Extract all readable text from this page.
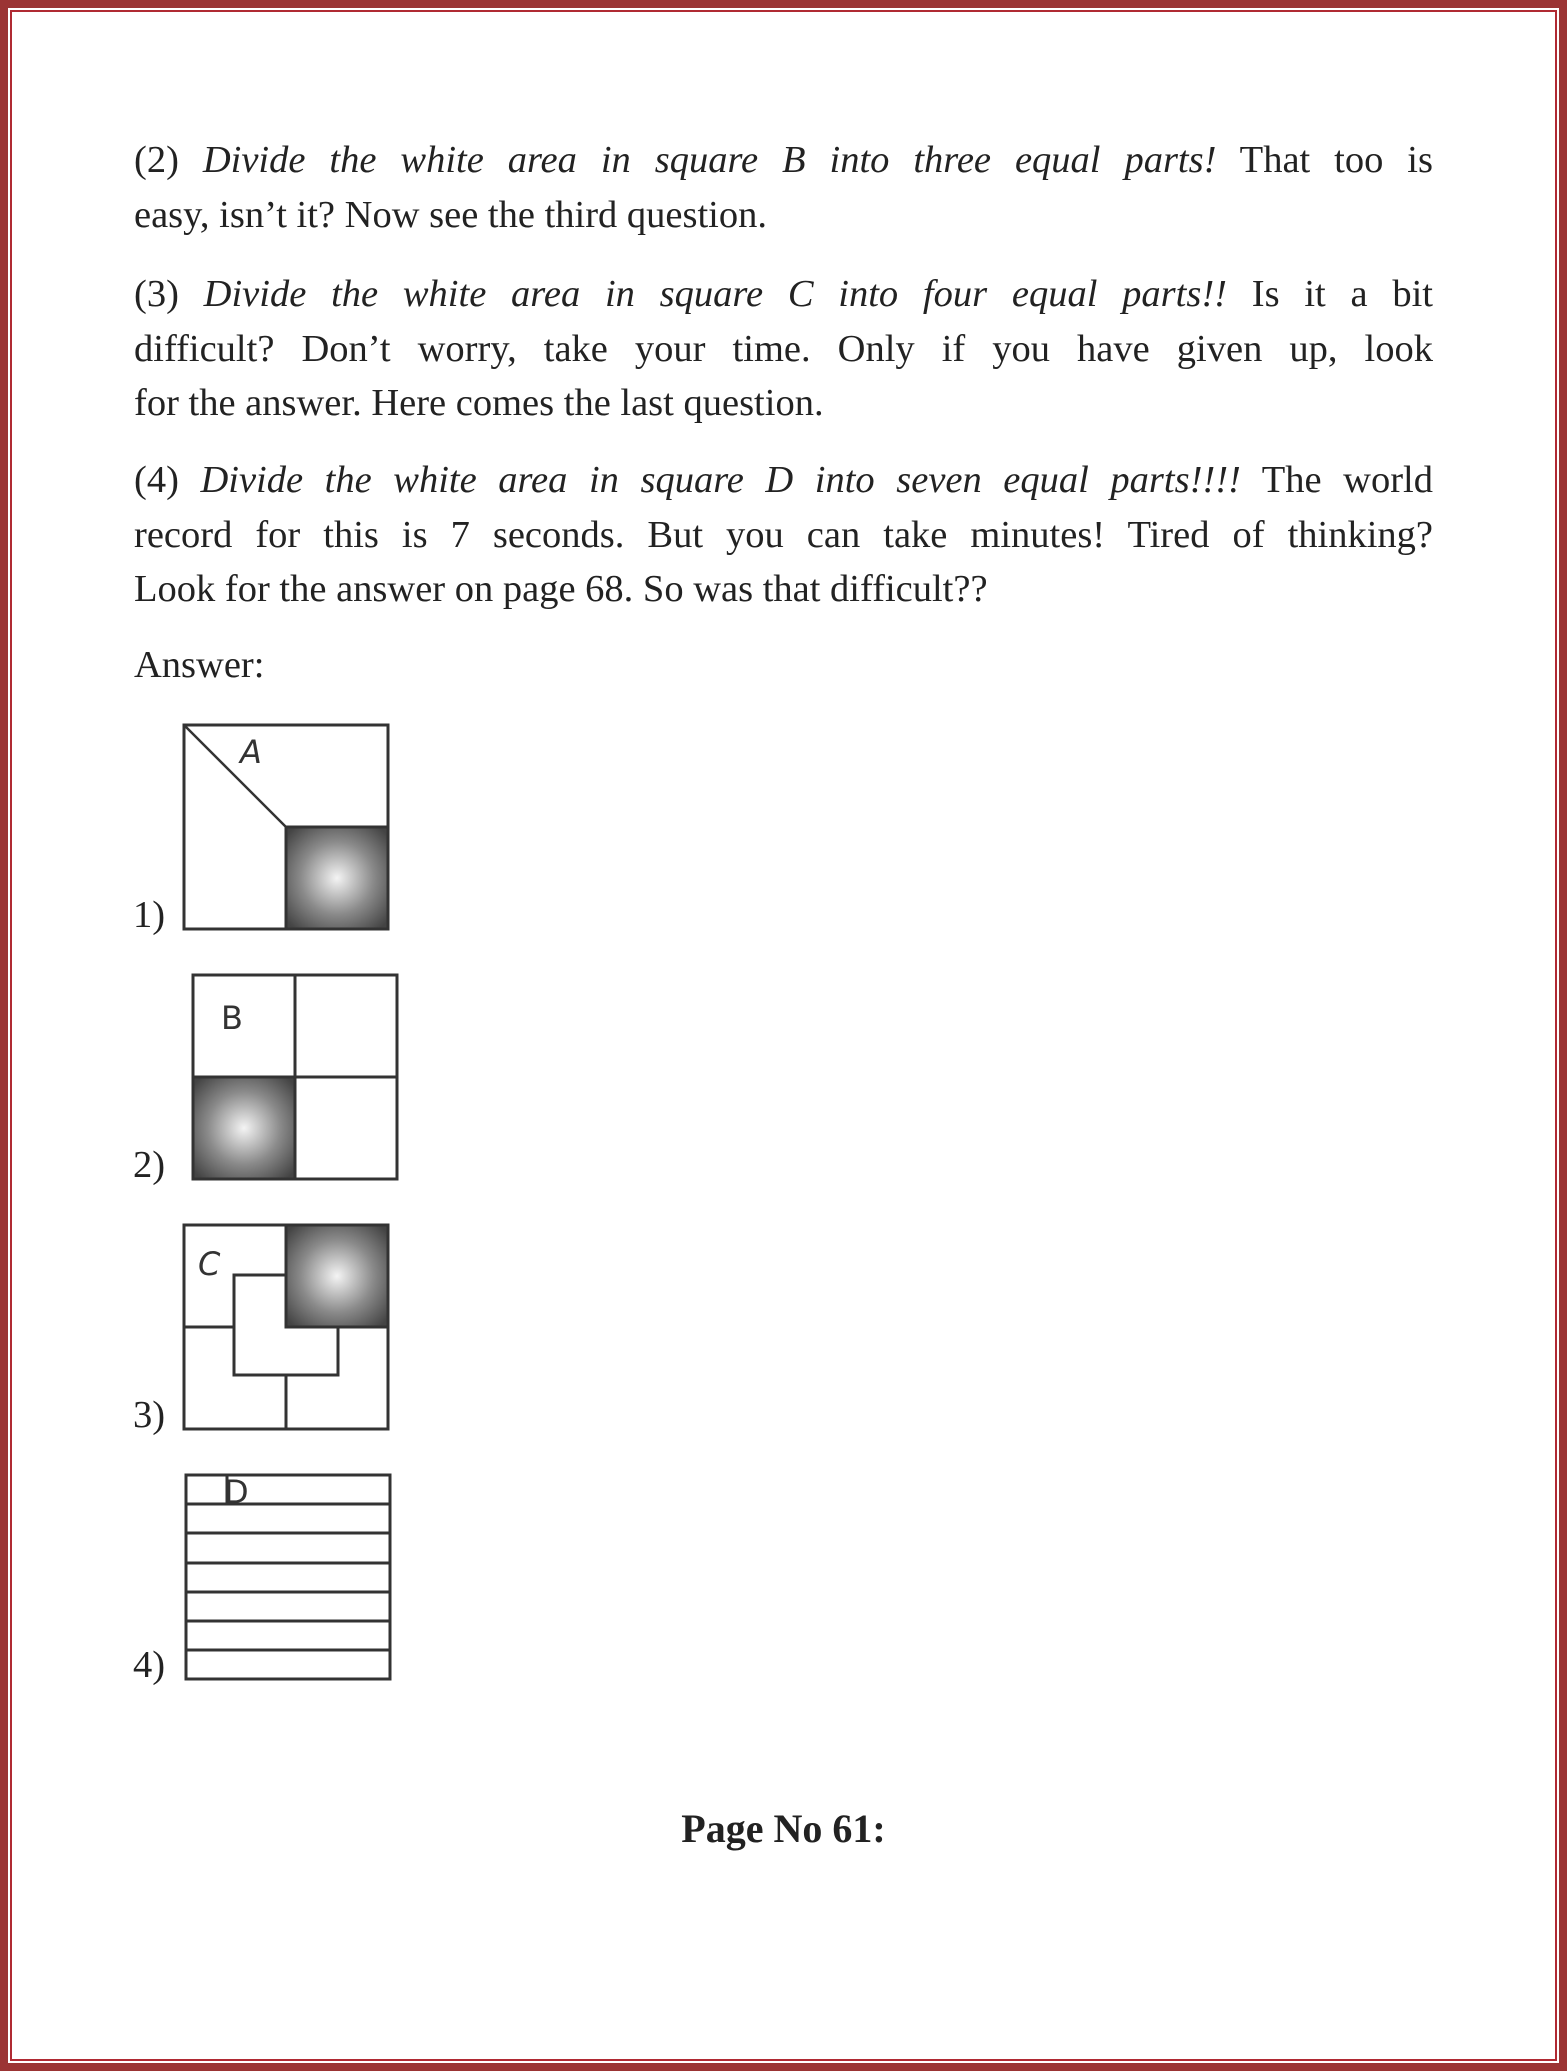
(2) Divide the white area in square B into three equal parts! That too is
easy, isn’t it? Now see the third question.
(3) Divide the white area in square C into four equal parts!! Is it a bit
difficult? Don’t worry, take your time. Only if you have given up, look
for the answer. Here comes the last question.
(4) Divide the white area in square D into seven equal parts!!!! The world
record for this is 7 seconds. But you can take minutes! Tired of thinking?
Look for the answer on page 68. So was that difficult??
Answer:
1)
A
2)
B
3)
C
4)
D
Page No 61:
